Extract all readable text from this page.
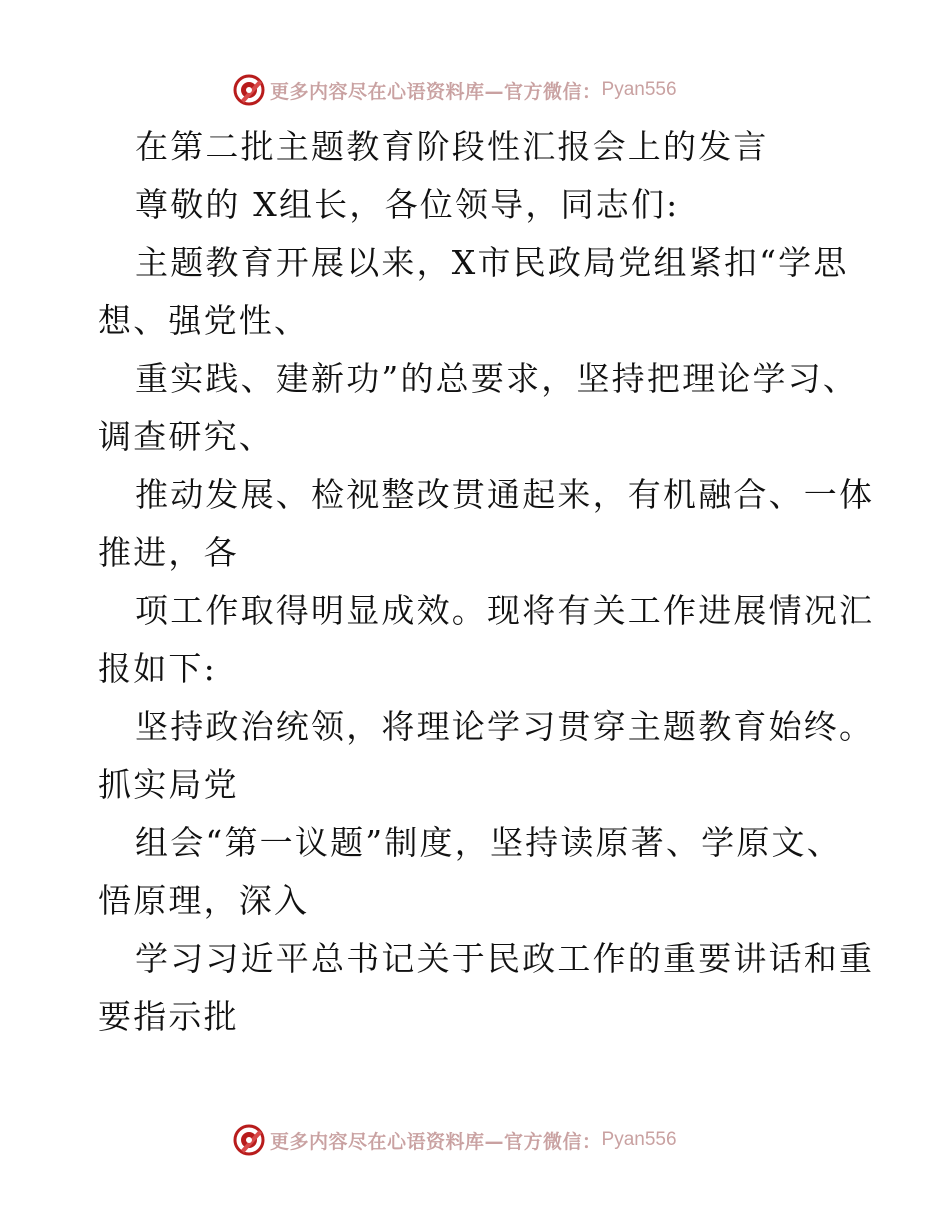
更多内容尽在心语资料库—官方微信： Pyan556
在第二批主题教育阶段性汇报会上的发言
尊敬的 X组长，各位领导，同志们:
主题教育开展以来，X市民政局党组紧扣“学思
想、强党性、
重实践、建新功”的总要求，坚持把理论学习、
调查研究、
推动发展、检视整改贯通起来，有机融合、一体
推进，各
项工作取得明显成效。现将有关工作进展情况汇
报如下:
坚持政治统领，将理论学习贯穿主题教育始终。
抓实局党
组会“第一议题”制度，坚持读原著、学原文、
悟原理，深入
学习习近平总书记关于民政工作的重要讲话和重
要指示批
更多内容尽在心语资料库—官方微信： Pyan556
